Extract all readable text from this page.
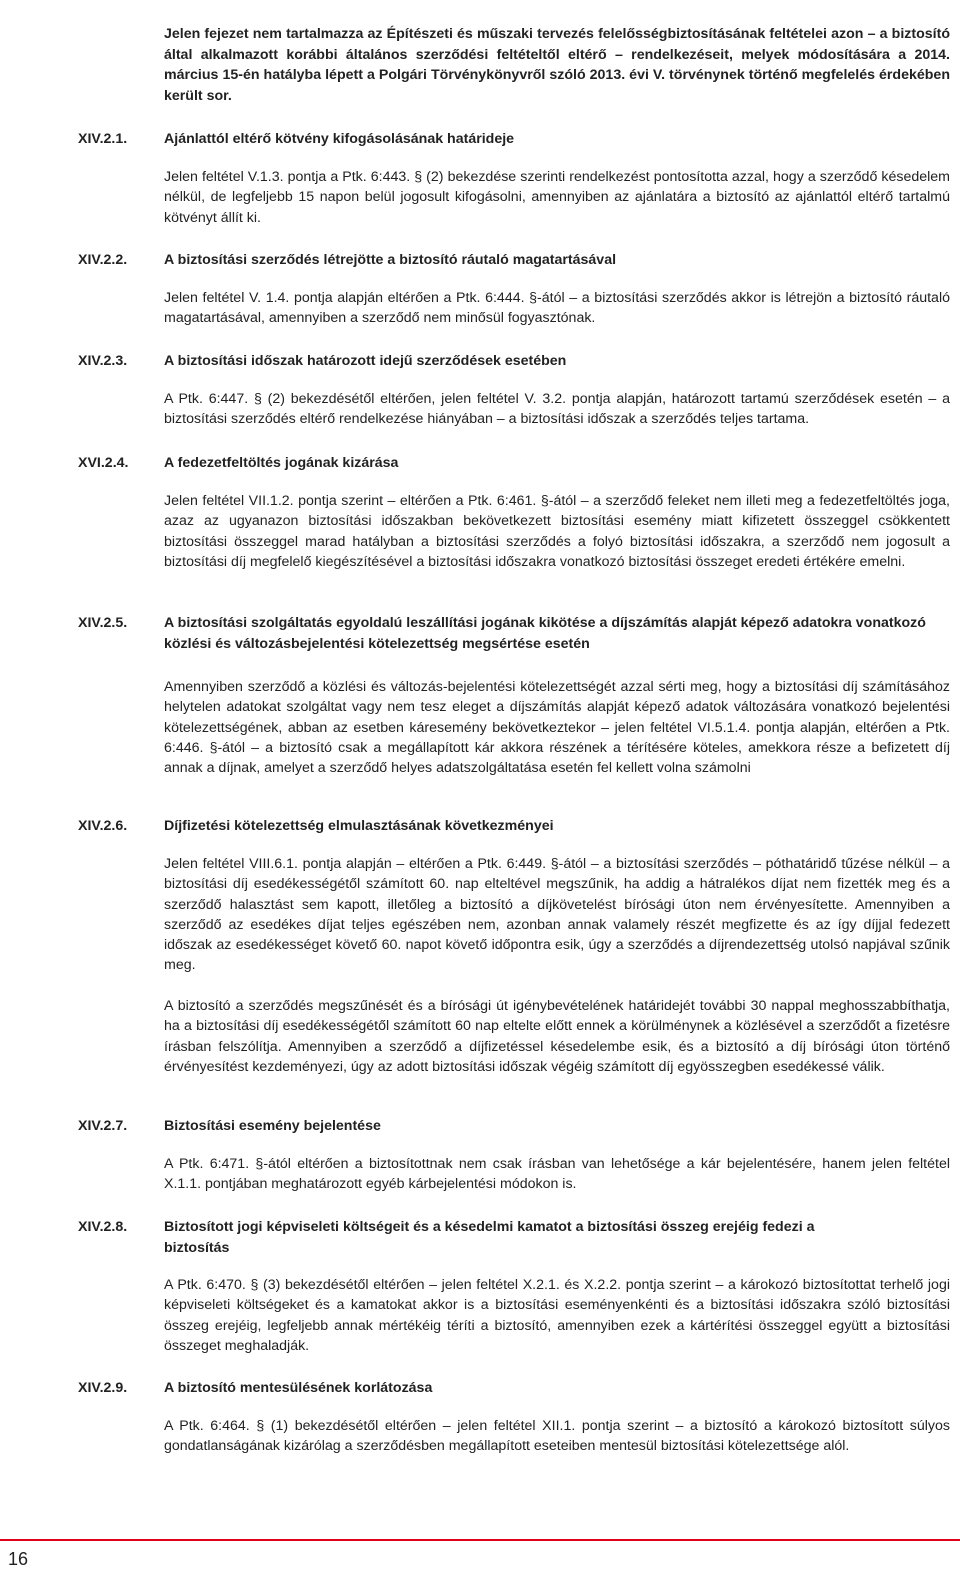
Jelen fejezet nem tartalmazza az Építészeti és műszaki tervezés felelősségbiztosításának feltételei azon – a biztosító által alkalmazott korábbi általános szerződési feltételtől eltérő – rendelkezéseit, melyek módosítására a 2014. március 15-én hatályba lépett a Polgári Törvénykönyvről szóló 2013. évi V. törvénynek történő megfelelés érdekében került sor.
XIV.2.1.	Ajánlattól eltérő kötvény kifogásolásának határideje

Jelen feltétel V.1.3. pontja a Ptk. 6:443. § (2) bekezdése szerinti rendelkezést pontosította azzal, hogy a szerződő késedelem nélkül, de legfeljebb 15 napon belül jogosult kifogásolni, amennyiben az ajánlatára a biztosító az ajánlattól eltérő tartalmú kötvényt állít ki.

XIV.2.2.	A biztosítási szerződés létrejötte a biztosító ráutaló magatartásával

Jelen feltétel V. 1.4. pontja alapján eltérően a Ptk. 6:444. §-ától – a biztosítási szerződés akkor is létrejön a biztosító ráutaló magatartásával, amennyiben a szerződő nem minősül fogyasztónak.

XIV.2.3.	A biztosítási időszak határozott idejű szerződések esetében

A Ptk. 6:447. § (2) bekezdésétől eltérően, jelen feltétel V. 3.2. pontja alapján, határozott tartamú szerződések esetén – a biztosítási szerződés eltérő rendelkezése hiányában – a biztosítási időszak a szerződés teljes tartama.

XVI.2.4.	A fedezetfeltöltés jogának kizárása

Jelen feltétel VII.1.2. pontja szerint – eltérően a Ptk. 6:461. §-ától – a szerződő feleket nem illeti meg a fedezetfeltöltés joga, azaz az ugyanazon biztosítási időszakban bekövetkezett biztosítási esemény miatt kifizetett összeggel csökkentett biztosítási összeggel marad hatályban a biztosítási szerződés a folyó biztosítási időszakra, a szerződő nem jogosult a biztosítási díj megfelelő kiegészítésével a biztosítási időszakra vonatkozó biztosítási összeget eredeti értékére emelni.

XIV.2.5.	A biztosítási szolgáltatás egyoldalú leszállítási jogának kikötése a díjszámítás alapját képező adatokra vonatkozó közlési és változásbejelentési kötelezettség megsértése esetén

Amennyiben szerződő a közlési és változás-bejelentési kötelezettségét azzal sérti meg, hogy a biztosítási díj számításához helytelen adatokat szolgáltat vagy nem tesz eleget a díjszámítás alapját képező adatok változására vonatkozó bejelentési kötelezettségének, abban az esetben káresemény bekövetkeztekor – jelen feltétel VI.5.1.4. pontja alapján, eltérően a Ptk. 6:446. §-ától – a biztosító csak a megállapított kár akkora részének a térítésére köteles, amekkora része a befizetett díj annak a díjnak, amelyet a szerződő helyes adatszolgáltatása esetén fel kellett volna számolni

XIV.2.6.	Díjfizetési kötelezettség elmulasztásának következményei

Jelen feltétel VIII.6.1. pontja alapján – eltérően a Ptk. 6:449. §-ától – a biztosítási szerződés – póthatáridő tűzése nélkül – a biztosítási díj esedékességétől számított 60. nap elteltével megszűnik, ha addig a hátralékos díjat nem fizették meg és a szerződő halasztást sem kapott, illetőleg a biztosító a díjkövetelést bírósági úton nem érvényesítette. Amennyiben a szerződő az esedékes díjat teljes egészében nem, azonban annak valamely részét megfizette és az így díjjal fedezett időszak az esedékességet követő 60. napot követő időpontra esik, úgy a szerződés a díjrendezettség utolsó napjával szűnik meg.

A biztosító a szerződés megszűnését és a bírósági út igénybevételének határidejét további 30 nappal meghosszabbíthatja, ha a biztosítási díj esedékességétől számított 60 nap eltelte előtt ennek a körülménynek a közlésével a szerződőt a fizetésre írásban felszólítja. Amennyiben a szerződő a díjfizetéssel késedelembe esik, és a biztosító a díj bírósági úton történő érvényesítést kezdeményezi, úgy az adott biztosítási időszak végéig számított díj egyösszegben esedékessé válik.

XIV.2.7.	Biztosítási esemény bejelentése

A Ptk. 6:471. §-ától eltérően a biztosítottnak nem csak írásban van lehetősége a kár bejelentésére, hanem jelen feltétel X.1.1. pontjában meghatározott egyéb kárbejelentési módokon is.

XIV.2.8.	Biztosított jogi képviseleti költségeit és a késedelmi kamatot a biztosítási összeg erejéig fedezi a biztosítás

A Ptk. 6:470. § (3) bekezdésétől eltérően – jelen feltétel X.2.1. és X.2.2. pontja szerint – a károkozó biztosítottat terhelő jogi képviseleti költségeket és a kamatokat akkor is a biztosítási eseményenkénti és a biztosítási időszakra szóló biztosítási összeg erejéig, legfeljebb annak mértékéig téríti a biztosító, amennyiben ezek a kártérítési összeggel együtt a biztosítási összeget meghaladják.

XIV.2.9.	A biztosító mentesülésének korlátozása

A Ptk. 6:464. § (1) bekezdésétől eltérően – jelen feltétel XII.1. pontja szerint – a biztosító a károkozó biztosított súlyos gondatlanságának kizárólag a szerződésben megállapított eseteiben mentesül biztosítási kötelezettsége alól.

16
